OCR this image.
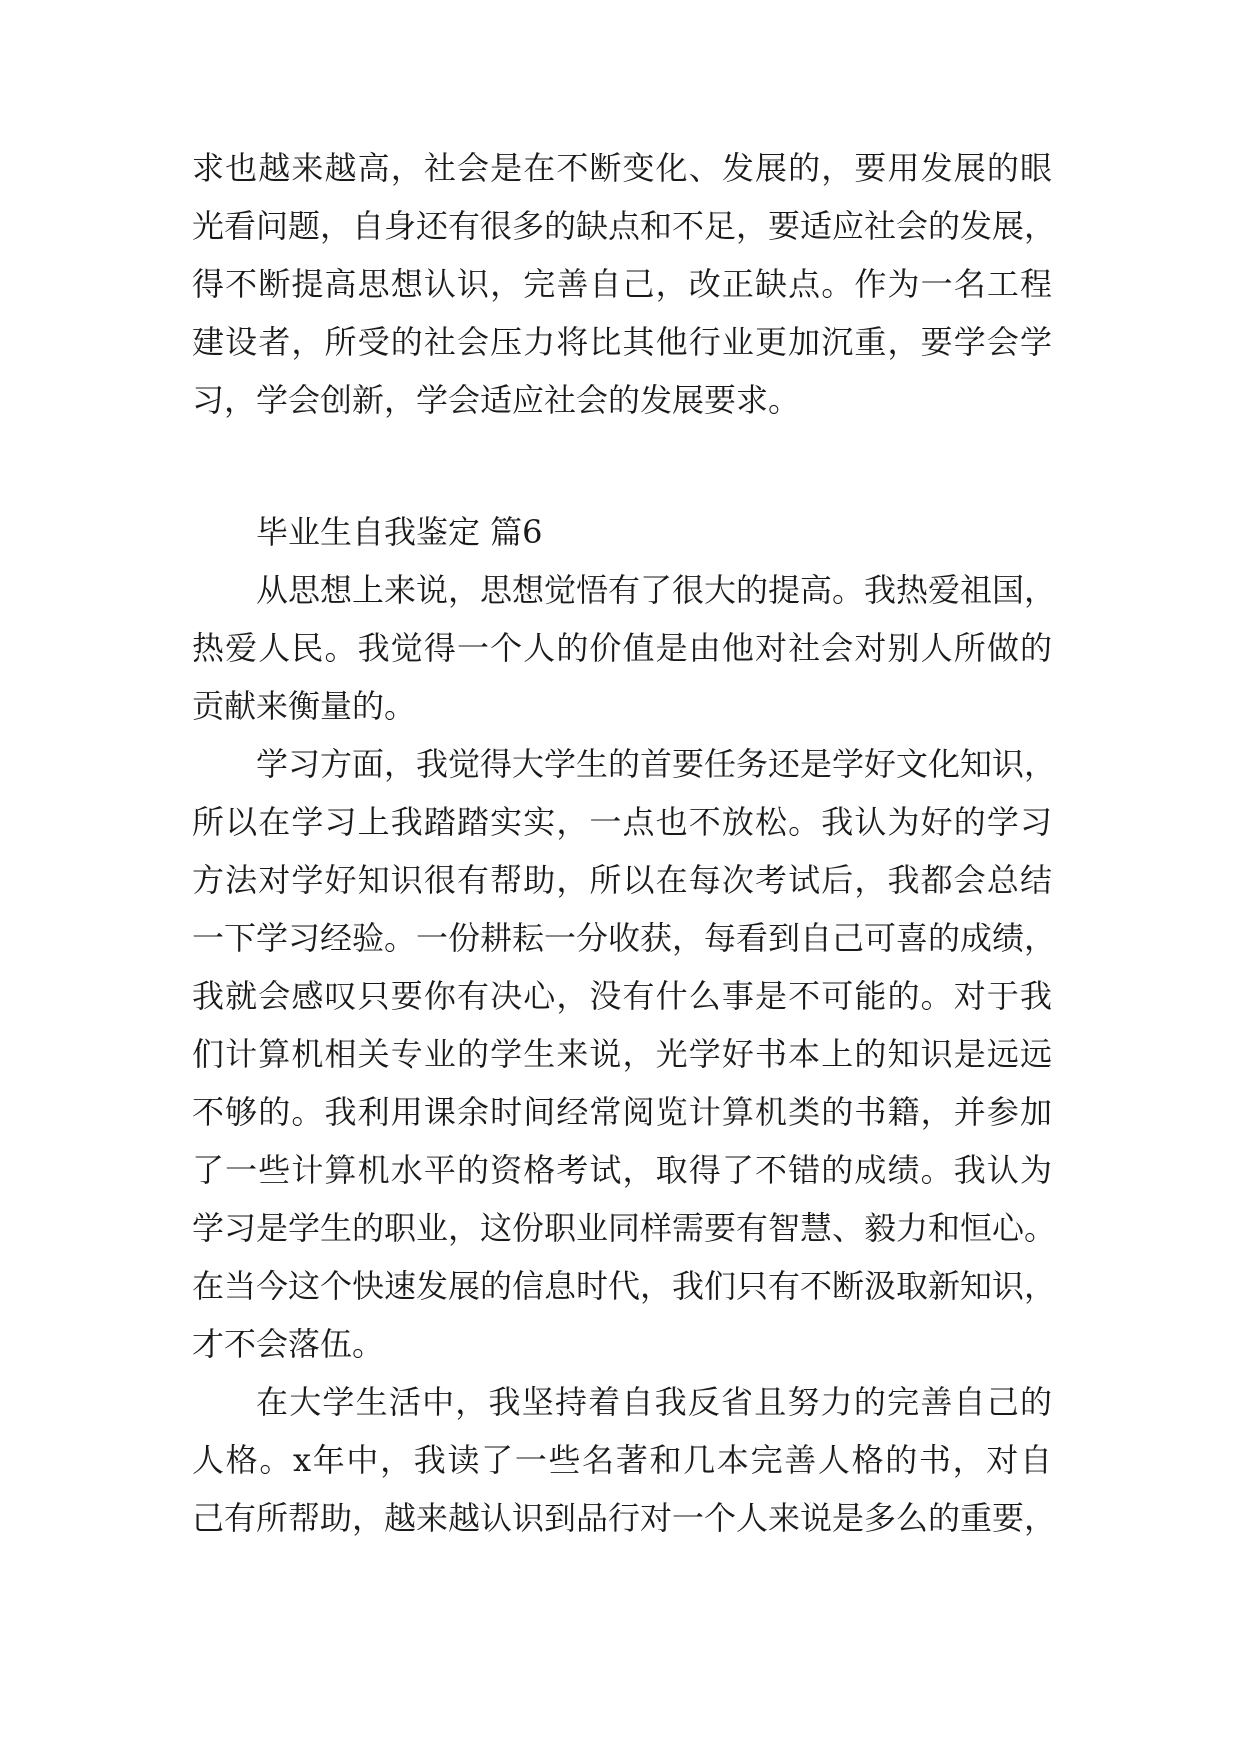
求也越来越高，社会是在不断变化、发展的，要用发展的眼
光看问题，自身还有很多的缺点和不足，要适应社会的发展，
得不断提高思想认识，完善自己，改正缺点。作为一名工程
建设者，所受的社会压力将比其他行业更加沉重，要学会学
习，学会创新，学会适应社会的发展要求。
毕业生自我鉴定 篇6
从思想上来说，思想觉悟有了很大的提高。我热爱祖国，
热爱人民。我觉得一个人的价值是由他对社会对别人所做的
贡献来衡量的。
学习方面，我觉得大学生的首要任务还是学好文化知识，
所以在学习上我踏踏实实，一点也不放松。我认为好的学习
方法对学好知识很有帮助，所以在每次考试后，我都会总结
一下学习经验。一份耕耘一分收获，每看到自己可喜的成绩，
我就会感叹只要你有决心，没有什么事是不可能的。对于我
们计算机相关专业的学生来说，光学好书本上的知识是远远
不够的。我利用课余时间经常阅览计算机类的书籍，并参加
了一些计算机水平的资格考试，取得了不错的成绩。我认为
学习是学生的职业，这份职业同样需要有智慧、毅力和恒心。
在当今这个快速发展的信息时代，我们只有不断汲取新知识，
才不会落伍。
在大学生活中，我坚持着自我反省且努力的完善自己的
人格。x年中，我读了一些名著和几本完善人格的书，对自
己有所帮助，越来越认识到品行对一个人来说是多么的重要，
